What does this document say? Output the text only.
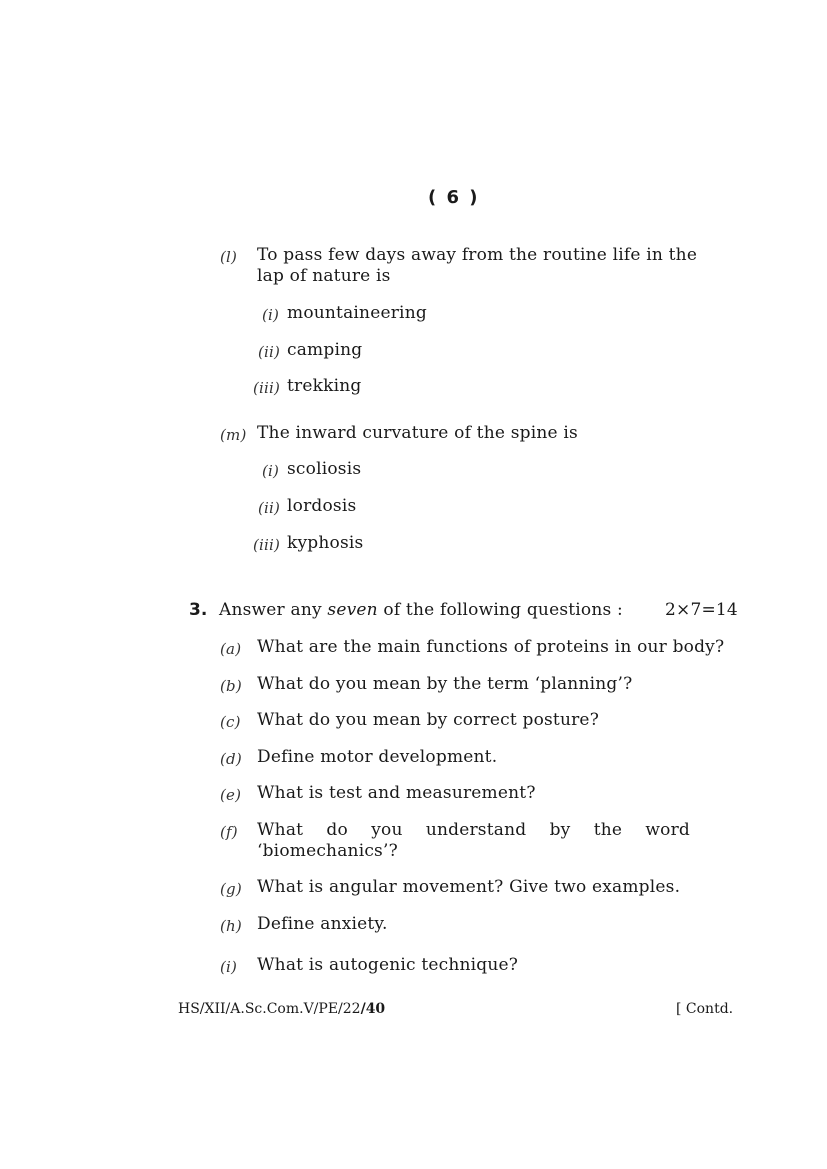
( 6 )
(l) To pass few days away from the routine life in the
lap of nature is
(i) mountaineering
(ii) camping
(iii) trekking
(m) The inward curvature of the spine is
(i) scoliosis
(ii) lordosis
(iii) kyphosis
3. Answer any seven of the following questions : 2×7=14
(a) What are the main functions of proteins in our body?
(b) What do you mean by the term ‘planning’?
(c) What do you mean by correct posture?
(d) Define motor development.
(e) What is test and measurement?
(f) What do you understand by the word
‘biomechanics’?
(g) What is angular movement? Give two examples.
(h) Define anxiety.
(i) What is autogenic technique?
HS/XII/A.Sc.Com.V/PE/22/40	[ Contd.
